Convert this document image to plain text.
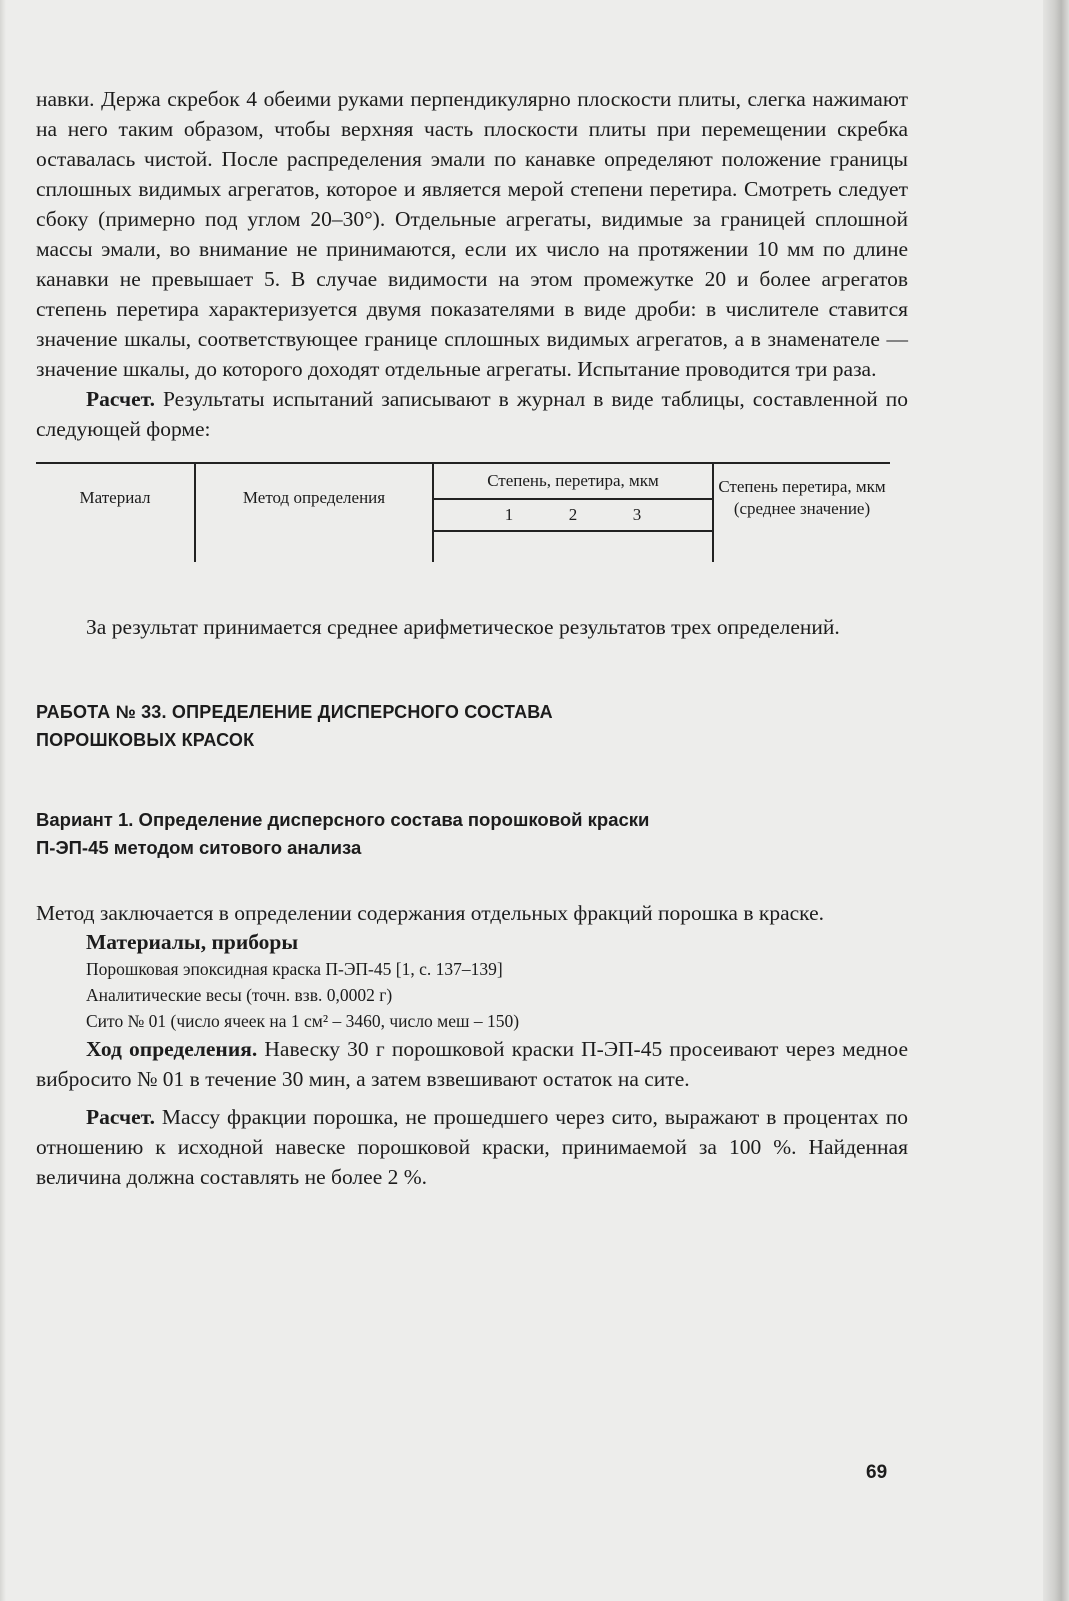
навки. Держа скребок 4 обеими руками перпендикулярно плоскости плиты, слегка нажимают на него таким образом, чтобы верхняя часть плоскости плиты при перемещении скребка оставалась чистой. После распределения эмали по канавке определяют положение границы сплошных видимых агрегатов, которое и является мерой степени перетира. Смотреть следует сбоку (примерно под углом 20–30°). Отдельные агрегаты, видимые за границей сплошной массы эмали, во внимание не принимаются, если их число на протяжении 10 мм по длине канавки не превышает 5. В случае видимости на этом промежутке 20 и более агрегатов степень перетира характеризуется двумя показателями в виде дроби: в числителе ставится значение шкалы, соответствующее границе сплошных видимых агрегатов, а в знаменателе — значение шкалы, до которого доходят отдельные агрегаты. Испытание проводится три раза.

Расчет. Результаты испытаний записывают в журнал в виде таблицы, составленной по следующей форме:

Материал	Метод определения	Степень, перетира, мкм	Степень перетира, мкм (среднее значение)
		1 2 3	

За результат принимается среднее арифметическое результатов трех определений.

РАБОТА № 33. ОПРЕДЕЛЕНИЕ ДИСПЕРСНОГО СОСТАВА
ПОРОШКОВЫХ КРАСОК
Вариант 1. Определение дисперсного состава порошковой краски
П-ЭП-45 методом ситового анализа

Метод заключается в определении содержания отдельных фракций порошка в краске.

Материалы, приборы
Порошковая эпоксидная краска П-ЭП-45 [1, с. 137–139]
Аналитические весы (точн. взв. 0,0002 г)
Сито № 01 (число ячеек на 1 см² – 3460, число меш – 150)

Ход определения. Навеску 30 г порошковой краски П-ЭП-45 просеивают через медное вибросито № 01 в течение 30 мин, а затем взвешивают остаток на сите.

Расчет. Массу фракции порошка, не прошедшего через сито, выражают в процентах по отношению к исходной навеске порошковой краски, принимаемой за 100 %. Найденная величина должна составлять не более 2 %.

69
